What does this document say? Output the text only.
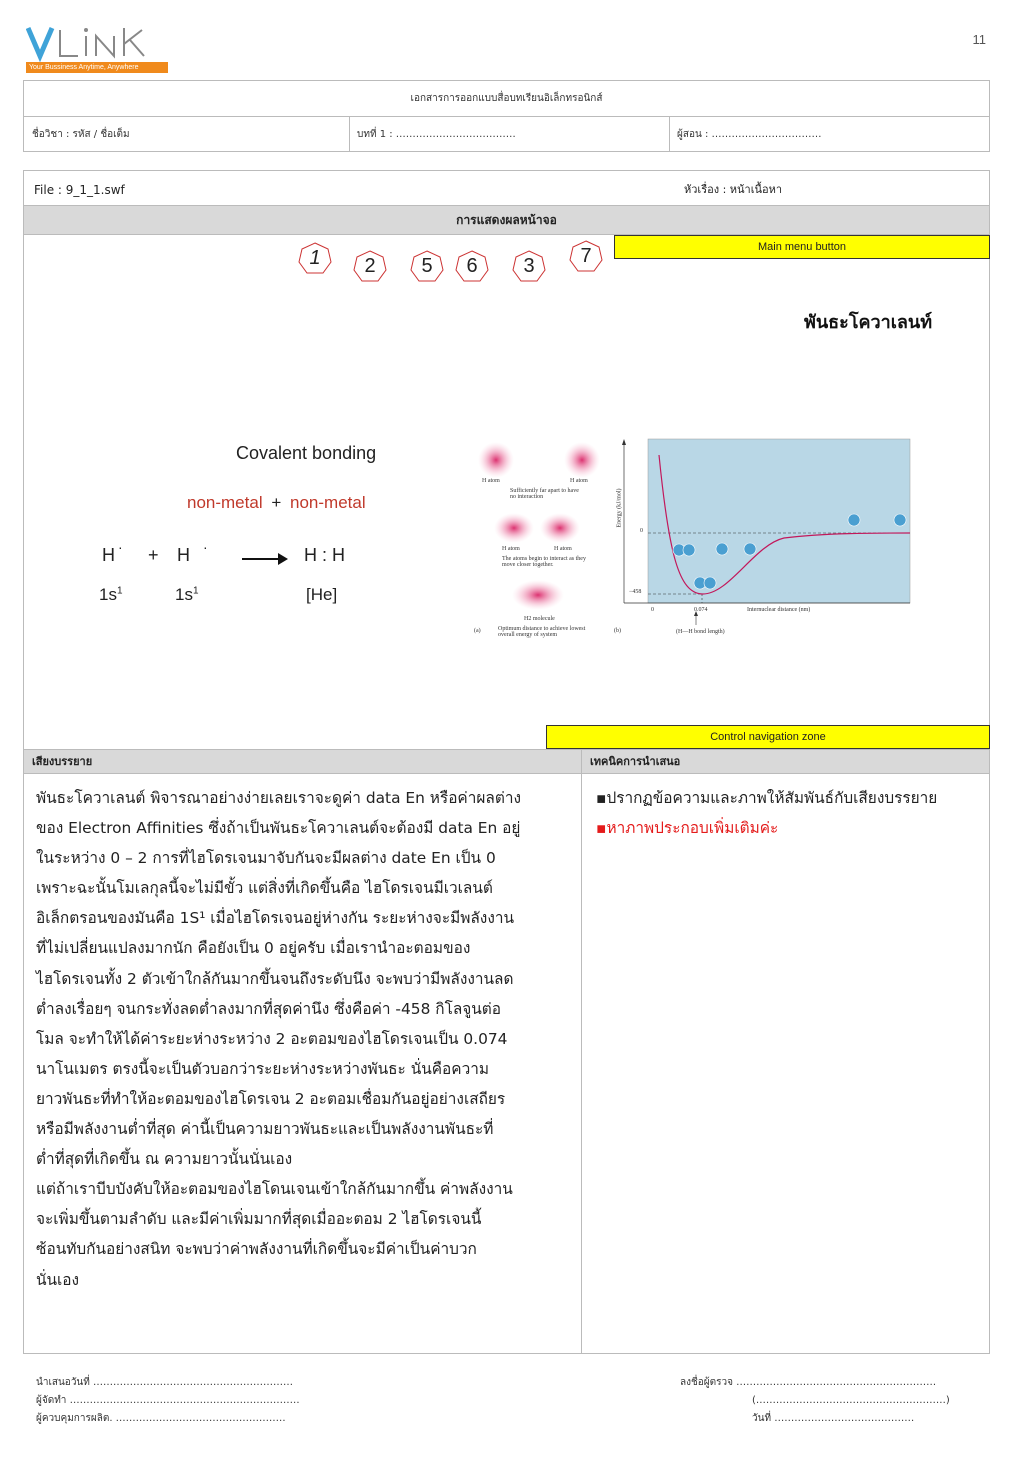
Your Bussiness Anytime, Anywhere
11
เอกสารการออกแบบสื่อบทเรียนอิเล็กทรอนิกส์
ชื่อวิชา : รหัส / ชื่อเต็ม	บทที่ 1 : ………………………………	ผู้สอน : ……………………………
File : 9_1_1.swf	หัวเรื่อง : หน้าเนื้อหา
การแสดงผลหน้าจอ
1	2	5	6	3	7	Main menu button
พันธะโควาเลนท์
Covalent bonding
non-metal + non-metal
H · + H ·	H : H
$1s^1$	$1s^1$	[He]
H atom	H atom
Sufficiently far apart to have no interaction
H atom	H atom
The atoms begin to interact as they move closer together.
H2 molecule
(a)	Optimum distance to achieve lowest overall energy of system
(b)
Energy (kJ/mol)
0
−458
0	0.074	Internuclear distance (nm)
(H—H bond length)
Control navigation zone
เสียงบรรยาย	เทคนิคการนำเสนอ
พันธะโควาเลนต์ พิจารณาอย่างง่ายเลยเราจะดูค่า data En หรือค่าผลต่าง
ของ Electron Affinities ซึ่งถ้าเป็นพันธะโควาเลนต์จะต้องมี data En อยู่
ในระหว่าง 0 – 2 การที่ไฮโดรเจนมาจับกันจะมีผลต่าง date En เป็น 0
เพราะฉะนั้นโมเลกุลนี้จะไม่มีขั้ว แต่สิ่งที่เกิดขึ้นคือ ไฮโดรเจนมีเวเลนต์
อิเล็กตรอนของมันคือ 1S¹ เมื่อไฮโดรเจนอยู่ห่างกัน ระยะห่างจะมีพลังงาน
ที่ไม่เปลี่ยนแปลงมากนัก คือยังเป็น 0 อยู่ครับ เมื่อเรานำอะตอมของ
ไฮโดรเจนทั้ง 2 ตัวเข้าใกล้กันมากขึ้นจนถึงระดับนึง จะพบว่ามีพลังงานลด
ต่ำลงเรื่อยๆ จนกระทั่งลดต่ำลงมากที่สุดค่านึง ซึ่งคือค่า -458 กิโลจูนต่อ
โมล จะทำให้ได้ค่าระยะห่างระหว่าง 2 อะตอมของไฮโดรเจนเป็น 0.074
นาโนเมตร ตรงนี้จะเป็นตัวบอกว่าระยะห่างระหว่างพันธะ นั่นคือความ
ยาวพันธะที่ทำให้อะตอมของไฮโดรเจน 2 อะตอมเชื่อมกันอยู่อย่างเสถียร
หรือมีพลังงานต่ำที่สุด ค่านี้เป็นความยาวพันธะและเป็นพลังงานพันธะที่
ต่ำที่สุดที่เกิดขึ้น ณ ความยาวนั้นนั่นเอง
แต่ถ้าเราบีบบังคับให้อะตอมของไฮโดนเจนเข้าใกล้กันมากขึ้น ค่าพลังงาน
จะเพิ่มขึ้นตามลำดับ และมีค่าเพิ่มมากที่สุดเมื่ออะตอม 2 ไฮโดรเจนนี้
ซ้อนทับกันอย่างสนิท จะพบว่าค่าพลังงานที่เกิดขึ้นจะมีค่าเป็นค่าบวก
นั่นเอง
▪ปรากฏข้อความและภาพให้สัมพันธ์กับเสียงบรรยาย
▪หาภาพประกอบเพิ่มเติมค่ะ
นำเสนอวันที่ ……………………………………………………
ผู้จัดทำ ……………………………………………………………
ผู้ควบคุมการผลิต. ……………………………………………
ลงชื่อผู้ตรวจ ……………………………………………………
(…………………………………………………)
วันที่ ……………………………………
